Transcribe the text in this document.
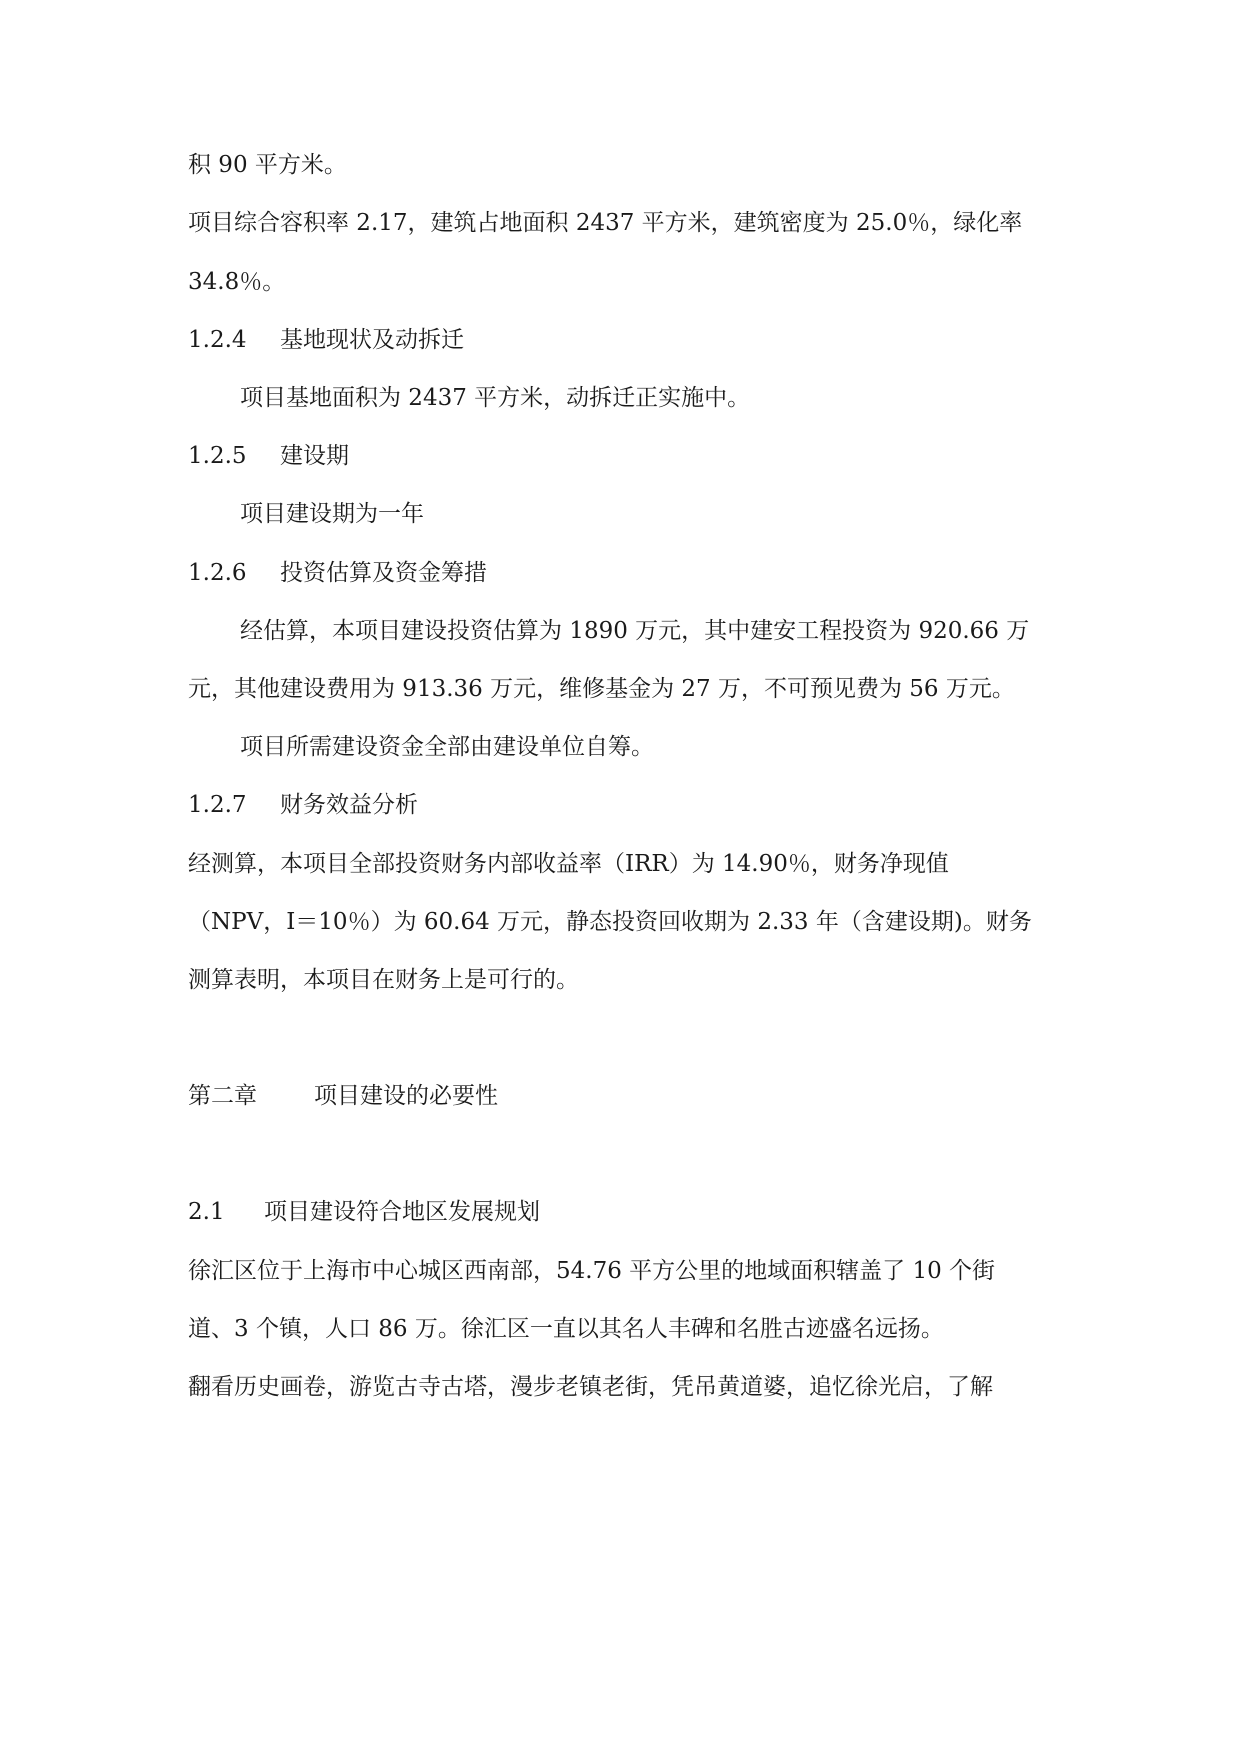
积 90 平方米。
项目综合容积率 2.17，建筑占地面积 2437 平方米，建筑密度为 25.0％，绿化率
34.8％。
1.2.4 基地现状及动拆迁
项目基地面积为 2437 平方米，动拆迁正实施中。
1.2.5 建设期
项目建设期为一年
1.2.6 投资估算及资金筹措
经估算，本项目建设投资估算为 1890 万元，其中建安工程投资为 920.66 万
元，其他建设费用为 913.36 万元，维修基金为 27 万，不可预见费为 56 万元。
项目所需建设资金全部由建设单位自筹。
1.2.7 财务效益分析
经测算，本项目全部投资财务内部收益率（IRR）为 14.90％，财务净现值
（NPV，I＝10％）为 60.64 万元，静态投资回收期为 2.33 年（含建设期)。财务
测算表明，本项目在财务上是可行的。
第二章 项目建设的必要性
2.1 项目建设符合地区发展规划
徐汇区位于上海市中心城区西南部，54.76 平方公里的地域面积辖盖了 10 个街
道、3 个镇，人口 86 万。徐汇区一直以其名人丰碑和名胜古迹盛名远扬。
翻看历史画卷，游览古寺古塔，漫步老镇老街，凭吊黄道婆，追忆徐光启，了解
